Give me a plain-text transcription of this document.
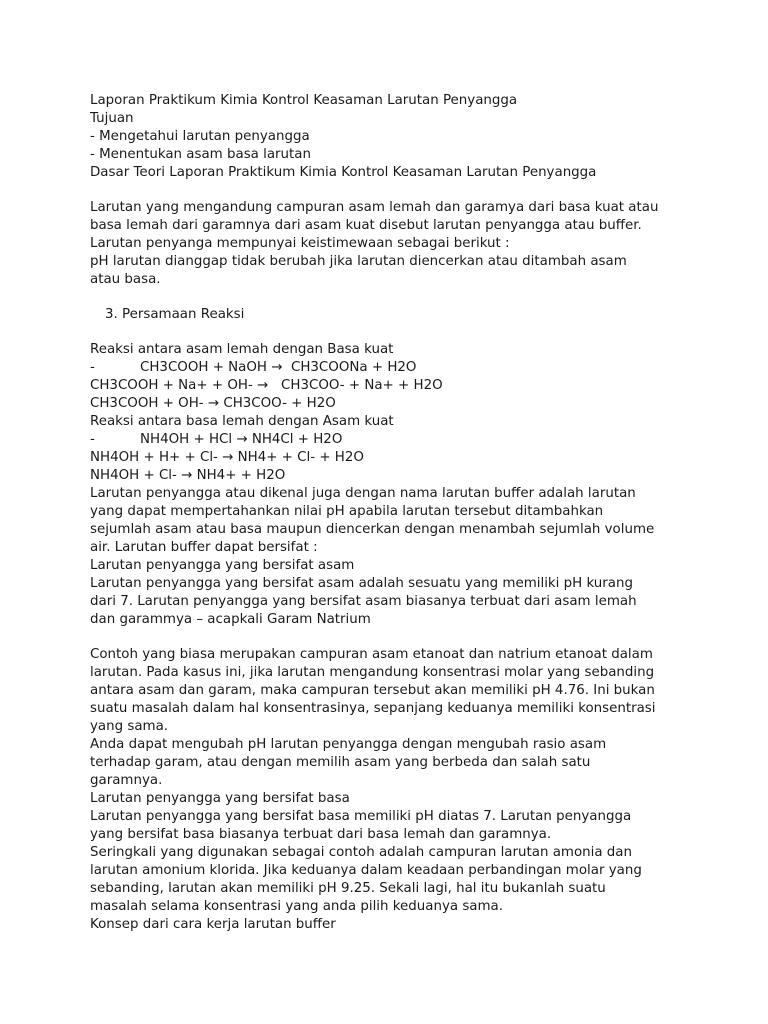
Laporan Praktikum Kimia Kontrol Keasaman Larutan Penyangga
Tujuan
- Mengetahui larutan penyangga
- Menentukan asam basa larutan
Dasar Teori Laporan Praktikum Kimia Kontrol Keasaman Larutan Penyangga
Larutan yang mengandung campuran asam lemah dan garamya dari basa kuat atau
basa lemah dari garamnya dari asam kuat disebut larutan penyangga atau buffer.
Larutan penyanga mempunyai keistimewaan sebagai berikut :
pH larutan dianggap tidak berubah jika larutan diencerkan atau ditambah asam
atau basa.
3. Persamaan Reaksi
Reaksi antara asam lemah dengan Basa kuat
-	CH3COOH + NaOH →  CH3COONa + H2O
CH3COOH + Na+ + OH- →   CH3COO- + Na+ + H2O
CH3COOH + OH- → CH3COO- + H2O
Reaksi antara basa lemah dengan Asam kuat
-	NH4OH + HCl → NH4Cl + H2O
NH4OH + H+ + Cl- → NH4+ + Cl- + H2O
NH4OH + Cl- → NH4+ + H2O
Larutan penyangga atau dikenal juga dengan nama larutan buffer adalah larutan
yang dapat mempertahankan nilai pH apabila larutan tersebut ditambahkan
sejumlah asam atau basa maupun diencerkan dengan menambah sejumlah volume
air. Larutan buffer dapat bersifat :
Larutan penyangga yang bersifat asam
Larutan penyangga yang bersifat asam adalah sesuatu yang memiliki pH kurang
dari 7. Larutan penyangga yang bersifat asam biasanya terbuat dari asam lemah
dan garammya – acapkali Garam Natrium
Contoh yang biasa merupakan campuran asam etanoat dan natrium etanoat dalam
larutan. Pada kasus ini, jika larutan mengandung konsentrasi molar yang sebanding
antara asam dan garam, maka campuran tersebut akan memiliki pH 4.76. Ini bukan
suatu masalah dalam hal konsentrasinya, sepanjang keduanya memiliki konsentrasi
yang sama.
Anda dapat mengubah pH larutan penyangga dengan mengubah rasio asam
terhadap garam, atau dengan memilih asam yang berbeda dan salah satu
garamnya.
Larutan penyangga yang bersifat basa
Larutan penyangga yang bersifat basa memiliki pH diatas 7. Larutan penyangga
yang bersifat basa biasanya terbuat dari basa lemah dan garamnya.
Seringkali yang digunakan sebagai contoh adalah campuran larutan amonia dan
larutan amonium klorida. Jika keduanya dalam keadaan perbandingan molar yang
sebanding, larutan akan memiliki pH 9.25. Sekali lagi, hal itu bukanlah suatu
masalah selama konsentrasi yang anda pilih keduanya sama.
Konsep dari cara kerja larutan buffer
